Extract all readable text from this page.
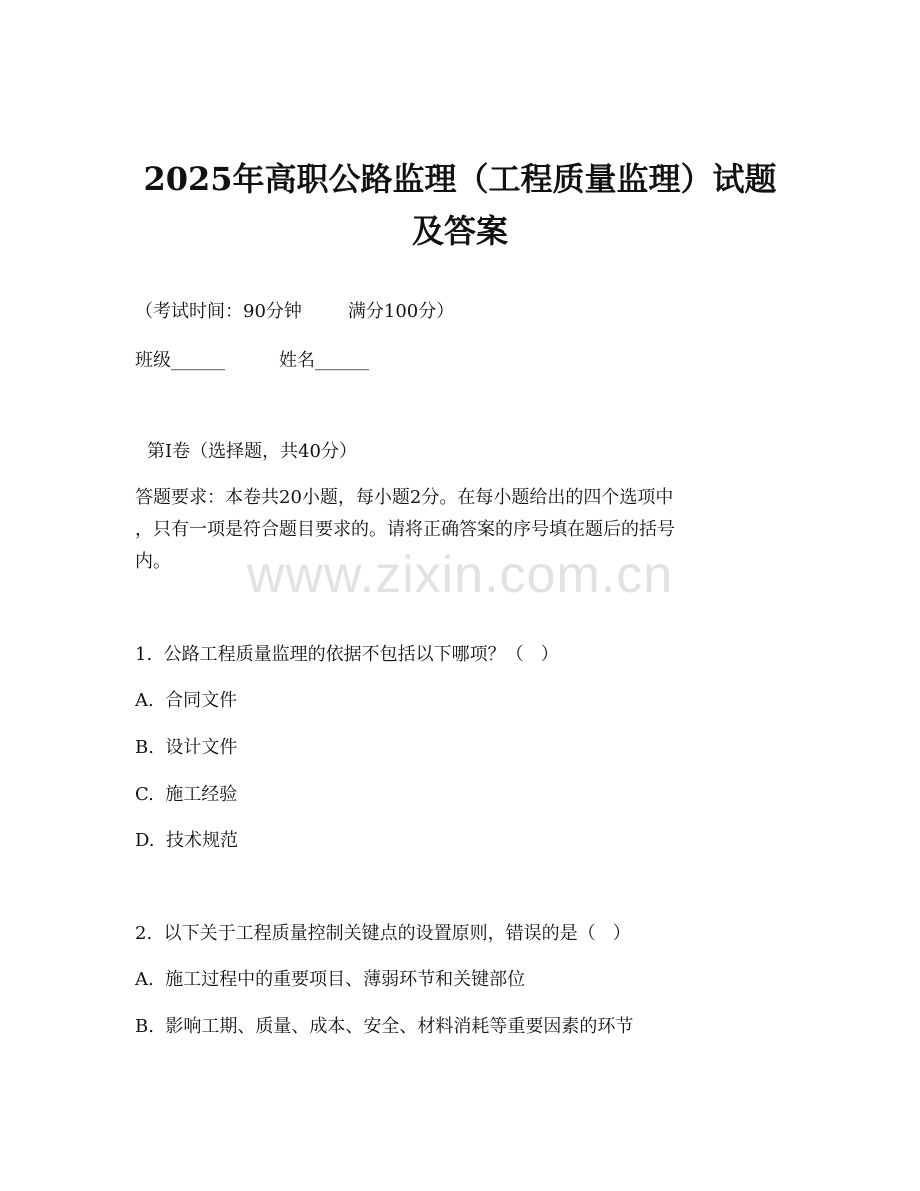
2025年高职公路监理（工程质量监理）试题
及答案
（考试时间：90分钟	满分100分）
班级______	姓名______
第Ⅰ卷（选择题，共40分）
答题要求：本卷共20小题，每小题2分。在每小题给出的四个选项中
，只有一项是符合题目要求的。请将正确答案的序号填在题后的括号
内。	www.zixin.com.cn
1.  公路工程质量监理的依据不包括以下哪项？（   ）
A.  合同文件
B.  设计文件
C.  施工经验
D.  技术规范
2.  以下关于工程质量控制关键点的设置原则，错误的是（   ）
A.  施工过程中的重要项目、薄弱环节和关键部位
B.  影响工期、质量、成本、安全、材料消耗等重要因素的环节
